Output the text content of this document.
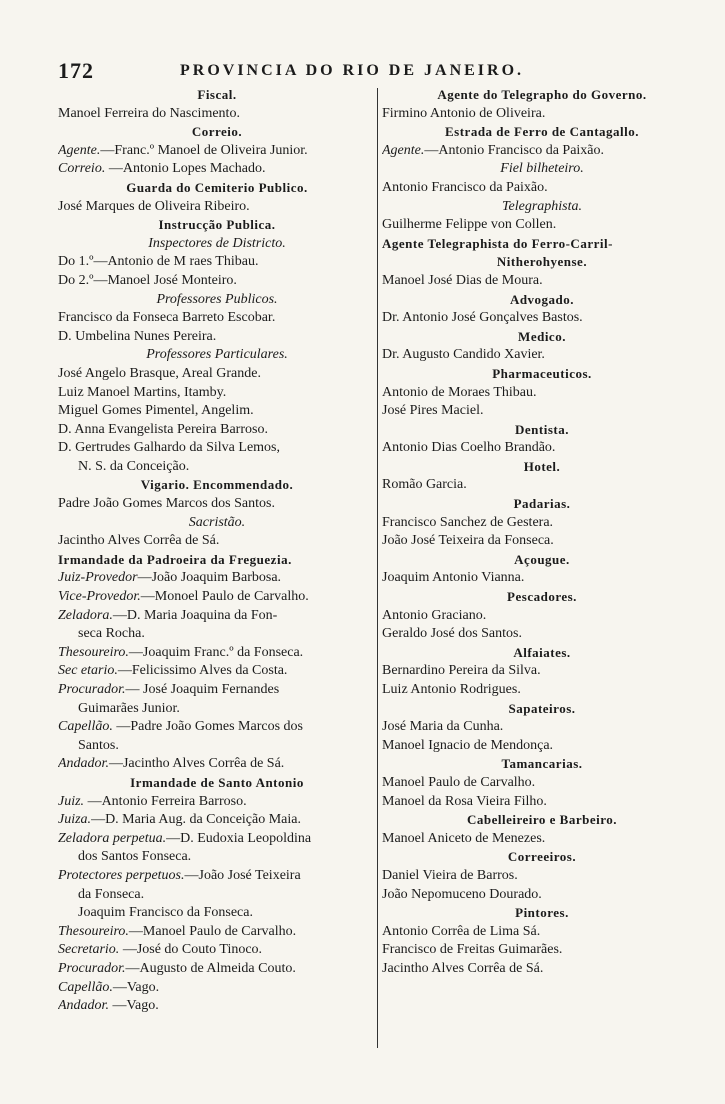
172	PROVINCIA DO RIO DE JANEIRO.
Fiscal.
Manoel Ferreira do Nascimento.
Correio.
Agente.—Franc.º Manoel de Oliveira Junior.
Correio. —Antonio Lopes Machado.
Guarda do Cemiterio Publico.
José Marques de Oliveira Ribeiro.
Instrucção Publica.
Inspectores de Districto.
Do 1.º—Antonio de M raes Thibau.
Do 2.º—Manoel José Monteiro.
Professores Publicos.
Francisco da Fonseca Barreto Escobar.
D. Umbelina Nunes Pereira.
Professores Particulares.
José Angelo Brasque, Areal Grande.
Luiz Manoel Martins, Itamby.
Miguel Gomes Pimentel, Angelim.
D. Anna Evangelista Pereira Barroso.
D. Gertrudes Galhardo da Silva Lemos,
N. S. da Conceição.
Vigario. Encommendado.
Padre João Gomes Marcos dos Santos.
Sacristão.
Jacintho Alves Corrêa de Sá.
Irmandade da Padroeira da Freguezia.
Juiz-Provedor—João Joaquim Barbosa.
Vice-Provedor.—Monoel Paulo de Carvalho.
Zeladora.—D. Maria Joaquina da Fon-
seca Rocha.
Thesoureiro.—Joaquim Franc.º da Fonseca.
Sec etario.—Felicissimo Alves da Costa.
Procurador.— José Joaquim Fernandes
Guimarães Junior.
Capellão. —Padre João Gomes Marcos dos
Santos.
Andador.—Jacintho Alves Corrêa de Sá.
Irmandade de Santo Antonio
Juiz. —Antonio Ferreira Barroso.
Juiza.—D. Maria Aug. da Conceição Maia.
Zeladora perpetua.—D. Eudoxia Leopoldina
dos Santos Fonseca.
Protectores perpetuos.—João José Teixeira
da Fonseca.
Joaquim Francisco da Fonseca.
Thesoureiro.—Manoel Paulo de Carvalho.
Secretario. —José do Couto Tinoco.
Procurador.—Augusto de Almeida Couto.
Capellão.—Vago.
Andador. —Vago.
Agente do Telegrapho do Governo.
Firmino Antonio de Oliveira.
Estrada de Ferro de Cantagallo.
Agente.—Antonio Francisco da Paixão.
Fiel bilheteiro.
Antonio Francisco da Paixão.
Telegraphista.
Guilherme Felippe von Collen.
Agente Telegraphista do Ferro-Carril-
Nitherohyense.
Manoel José Dias de Moura.
Advogado.
Dr. Antonio José Gonçalves Bastos.
Medico.
Dr. Augusto Candido Xavier.
Pharmaceuticos.
Antonio de Moraes Thibau.
José Pires Maciel.
Dentista.
Antonio Dias Coelho Brandão.
Hotel.
Romão Garcia.
Padarias.
Francisco Sanchez de Gestera.
João José Teixeira da Fonseca.
Açougue.
Joaquim Antonio Vianna.
Pescadores.
Antonio Graciano.
Geraldo José dos Santos.
Alfaiates.
Bernardino Pereira da Silva.
Luiz Antonio Rodrigues.
Sapateiros.
José Maria da Cunha.
Manoel Ignacio de Mendonça.
Tamancarias.
Manoel Paulo de Carvalho.
Manoel da Rosa Vieira Filho.
Cabelleireiro e Barbeiro.
Manoel Aniceto de Menezes.
Correeiros.
Daniel Vieira de Barros.
João Nepomuceno Dourado.
Pintores.
Antonio Corrêa de Lima Sá.
Francisco de Freitas Guimarães.
Jacintho Alves Corrêa de Sá.
